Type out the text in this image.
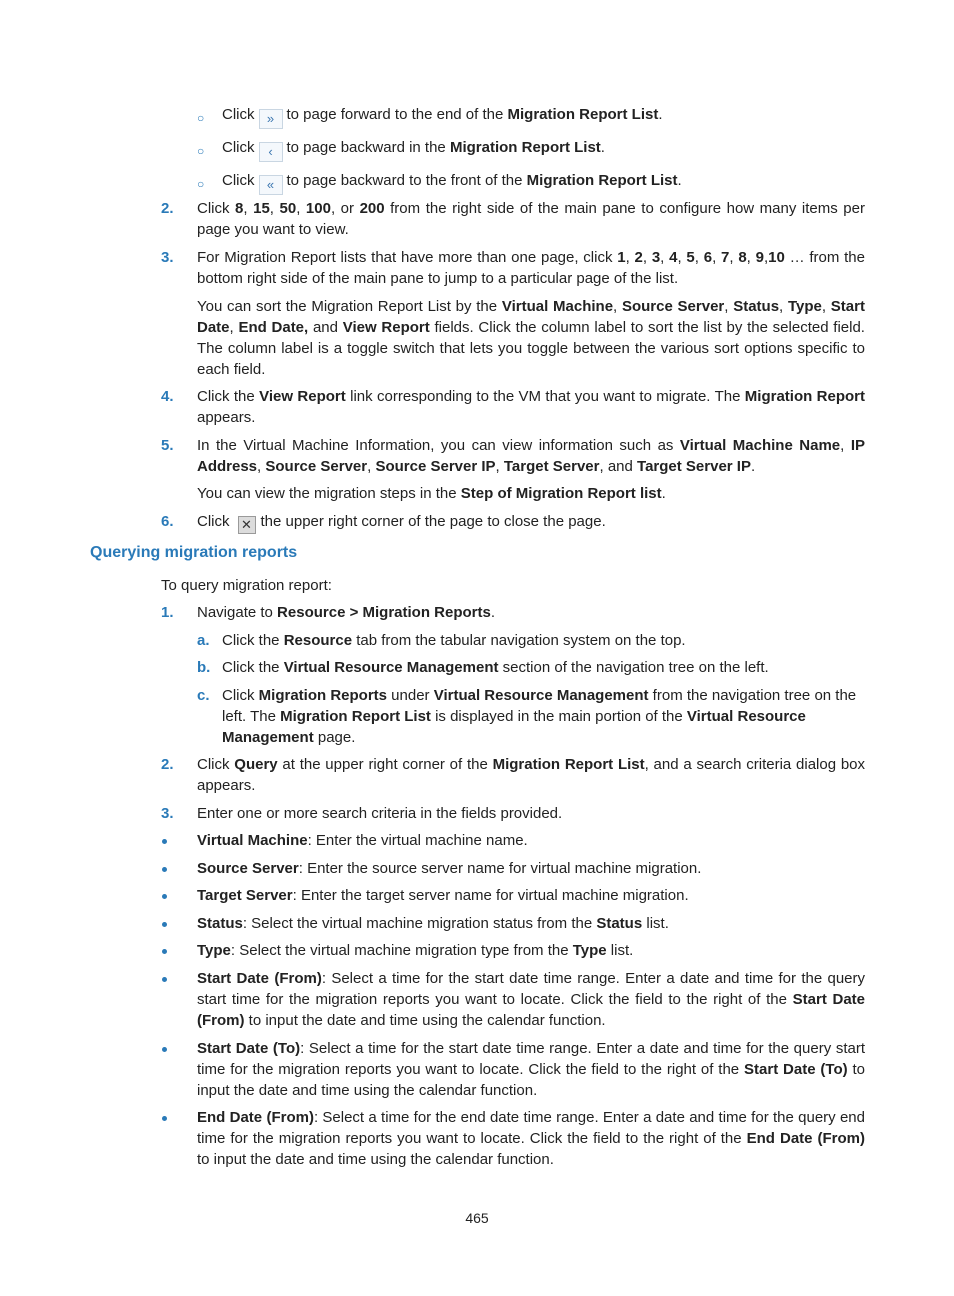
○ Click » to page forward to the end of the Migration Report List.
○ Click ‹ to page backward in the Migration Report List.
○ Click « to page backward to the front of the Migration Report List.
2. Click 8, 15, 50, 100, or 200 from the right side of the main pane to configure how many items per page you want to view.
3. For Migration Report lists that have more than one page, click 1, 2, 3, 4, 5, 6, 7, 8, 9,10 … from the bottom right side of the main pane to jump to a particular page of the list.
You can sort the Migration Report List by the Virtual Machine, Source Server, Status, Type, Start Date, End Date, and View Report fields. Click the column label to sort the list by the selected field. The column label is a toggle switch that lets you toggle between the various sort options specific to each field.
4. Click the View Report link corresponding to the VM that you want to migrate. The Migration Report appears.
5. In the Virtual Machine Information, you can view information such as Virtual Machine Name, IP Address, Source Server, Source Server IP, Target Server, and Target Server IP.
You can view the migration steps in the Step of Migration Report list.
6. Click ✕ the upper right corner of the page to close the page.
Querying migration reports
To query migration report:
1. Navigate to Resource > Migration Reports.
a. Click the Resource tab from the tabular navigation system on the top.
b. Click the Virtual Resource Management section of the navigation tree on the left.
c. Click Migration Reports under Virtual Resource Management from the navigation tree on the left. The Migration Report List is displayed in the main portion of the Virtual Resource Management page.
2. Click Query at the upper right corner of the Migration Report List, and a search criteria dialog box appears.
3. Enter one or more search criteria in the fields provided.
Virtual Machine: Enter the virtual machine name.
Source Server: Enter the source server name for virtual machine migration.
Target Server: Enter the target server name for virtual machine migration.
Status: Select the virtual machine migration status from the Status list.
Type: Select the virtual machine migration type from the Type list.
Start Date (From): Select a time for the start date time range. Enter a date and time for the query start time for the migration reports you want to locate. Click the field to the right of the Start Date (From) to input the date and time using the calendar function.
Start Date (To): Select a time for the start date time range. Enter a date and time for the query start time for the migration reports you want to locate. Click the field to the right of the Start Date (To) to input the date and time using the calendar function.
End Date (From): Select a time for the end date time range. Enter a date and time for the query end time for the migration reports you want to locate. Click the field to the right of the End Date (From) to input the date and time using the calendar function.
465
